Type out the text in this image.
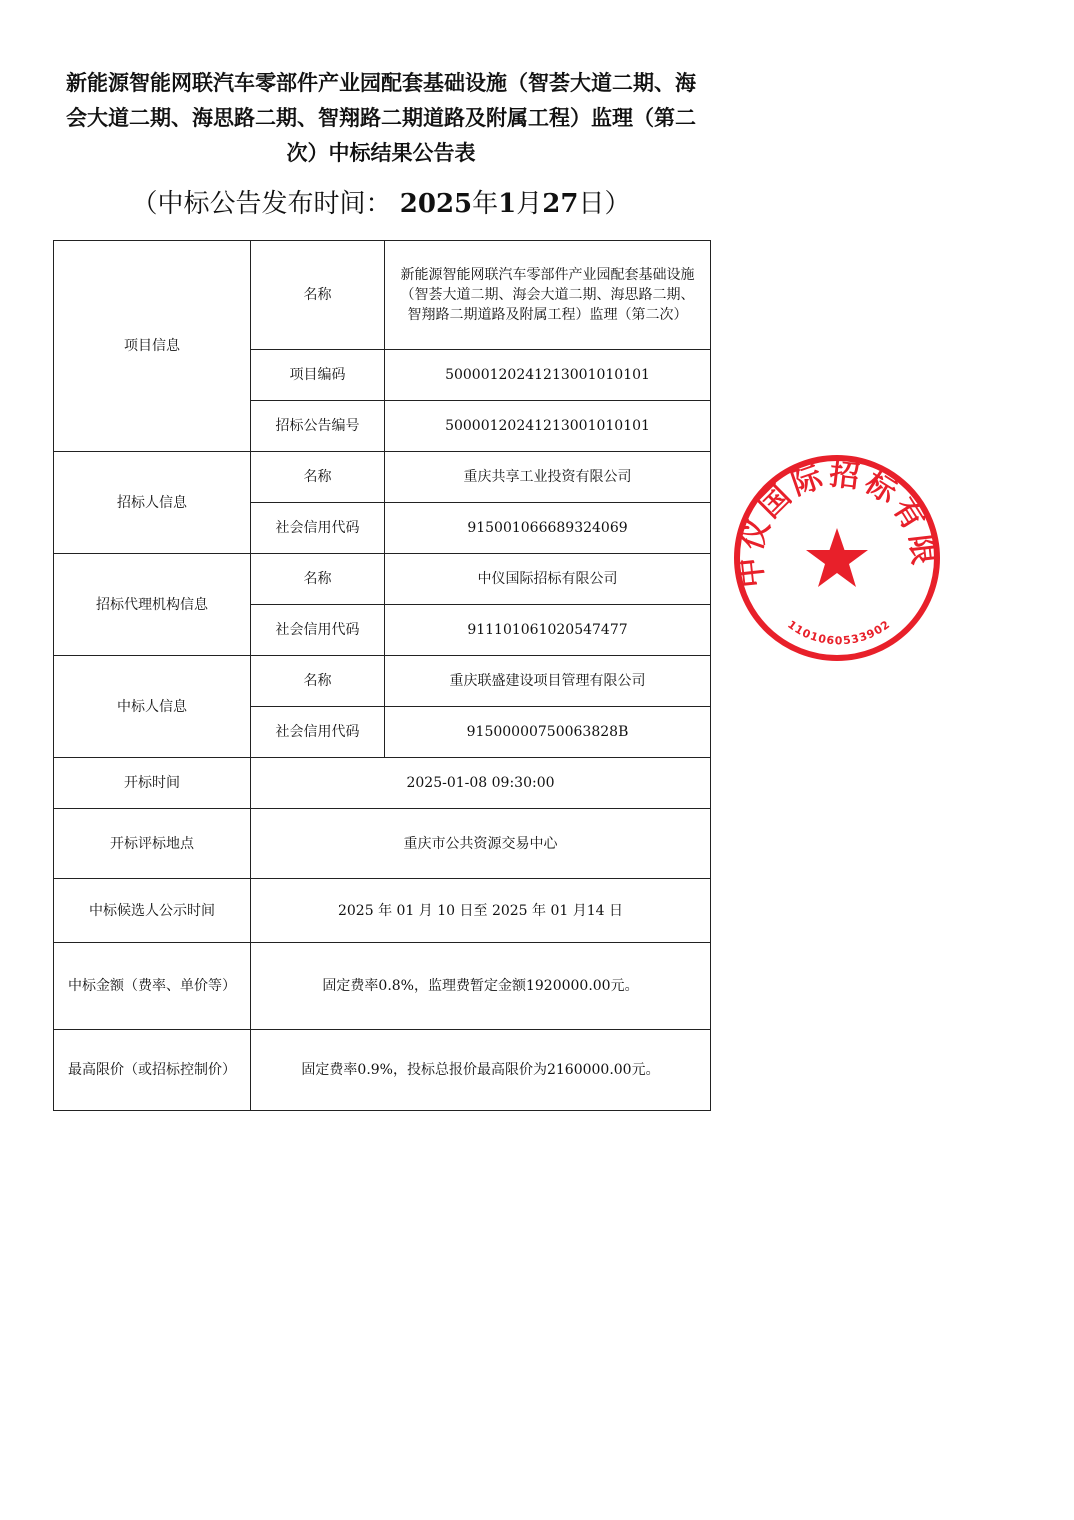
新能源智能网联汽车零部件产业园配套基础设施（智荟大道二期、海会大道二期、海思路二期、智翔路二期道路及附属工程）监理（第二次）中标结果公告表
（中标公告发布时间： 2025年1月27日）
项目信息	名称	新能源智能网联汽车零部件产业园配套基础设施（智荟大道二期、海会大道二期、海思路二期、智翔路二期道路及附属工程）监理（第二次）
	项目编码	500001202412130010101​01
	招标公告编号	50000120241213001010101
招标人信息	名称	重庆共享工业投资有限公司
	社会信用代码	915001066689324069
招标代理机构信息	名称	中仪国际招标有限公司
	社会信用代码	911101061020547477
中标人信息	名称	重庆联盛建设项目管理有限公司
	社会信用代码	91500000750063828B
开标时间	2025-01-08 09:30:00	
开标评标地点	重庆市公共资源交易中心	
中标候选人公示时间	2025 年 01 月 10 日至 2025 年 01 月14 日	
中标金额（费率、单价等）	固定费率0.8%，监理费暂定金额1920000.00元。	
最高限价（或招标控制价）	固定费率0.9%，投标总报价最高限价为2160000.00元。	
中仪国际招标有限
1101060533902
